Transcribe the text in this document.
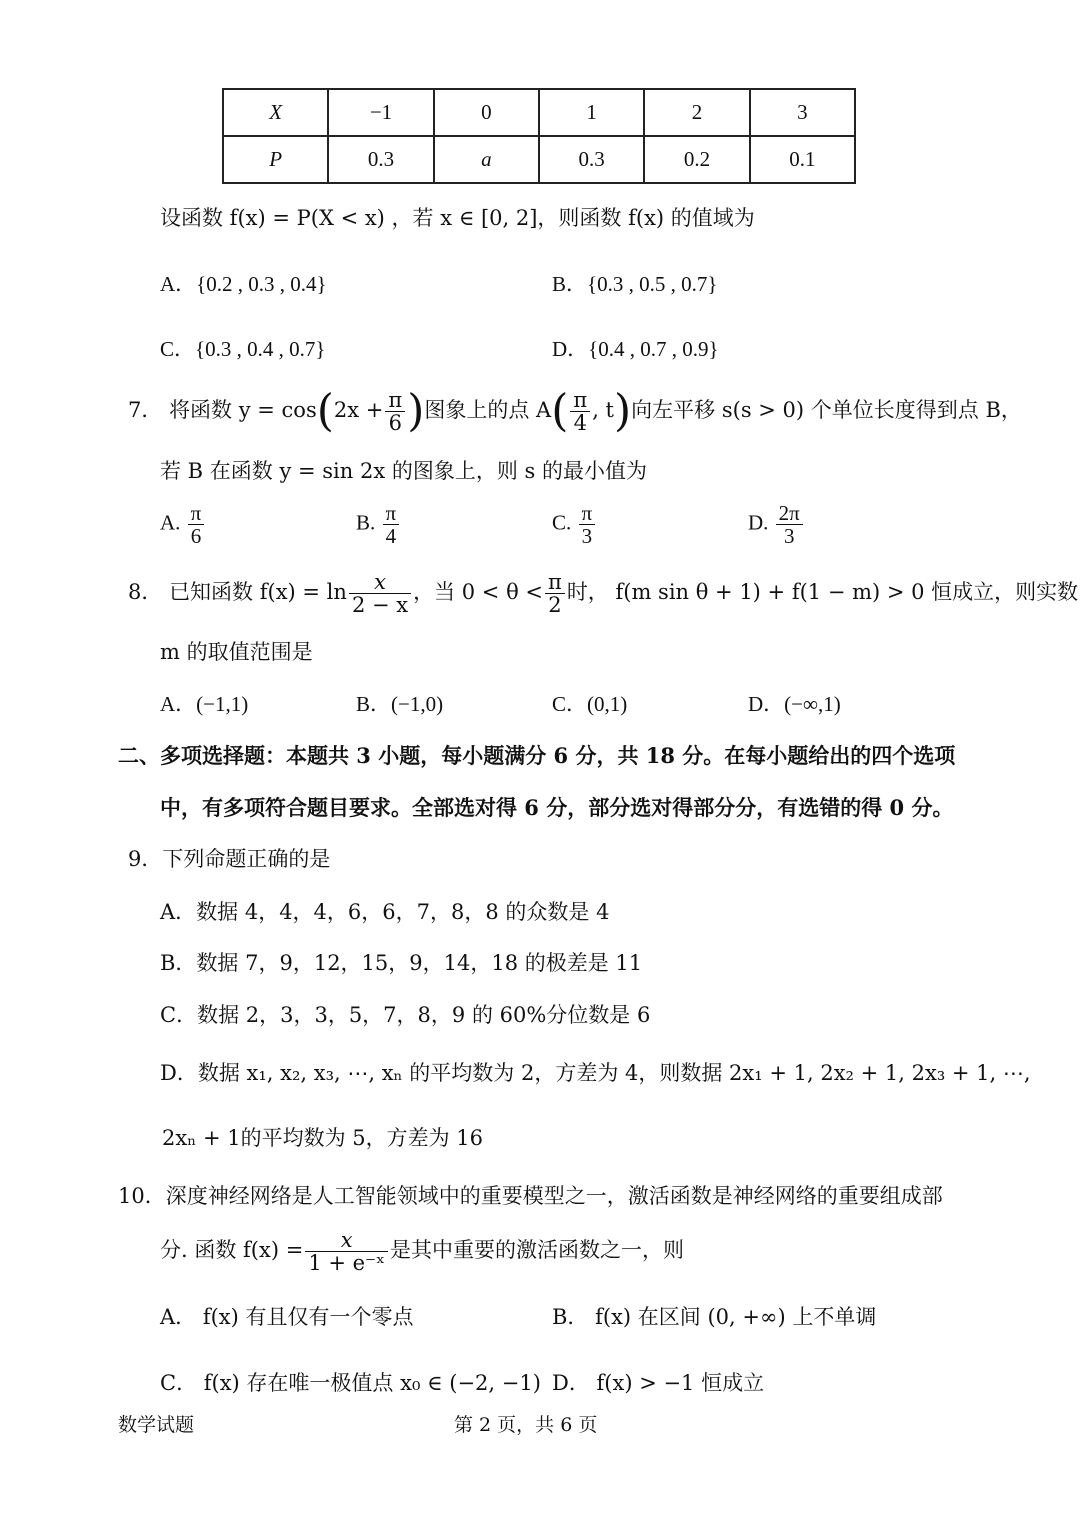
X	−1	0	1	2	3
P	0.3	a	0.3	0.2	0.1
设函数 f(x) = P(X < x) ，若 x ∈ [0, 2]，则函数 f(x) 的值域为
A．{0.2 , 0.3 , 0.4}	B．{0.3 , 0.5 , 0.7}
C．{0.3 , 0.4 , 0.7}	D．{0.4 , 0.7 , 0.9}
7． 将函数 $y = \cos(2x + \frac{\pi}{6}$ )图象上的点 $A( \frac{\pi}{4}$ , t)向左平移 s(s > 0) 个单位长度得到点 B，
若 B 在函数 y = sin 2x 的图象上，则 s 的最小值为
A. $\frac{\pi}{6}$	B. $\frac{\pi}{4}$	C. $\frac{\pi}{3}$	D. $\frac{2\pi}{3}$
8． 已知函数 $f(x) = \ln \frac{x}{2 - x}$ ，当 $0 < \theta < \frac{\pi}{2}$ 时， f(m sin θ + 1) + f(1 − m) > 0 恒成立，则实数
m 的取值范围是
A．(−1,1)	B．(−1,0)	C．(0,1)	D．(−∞,1)
二、多项选择题：本题共 3 小题，每小题满分 6 分，共 18 分。在每小题给出的四个选项
中，有多项符合题目要求。全部选对得 6 分，部分选对得部分分，有选错的得 0 分。
9．下列命题正确的是
A．数据 4，4，4，6，6，7，8，8 的众数是 4
B．数据 7，9，12，15，9，14，18 的极差是 11
C．数据 2，3，3，5，7，8，9 的 60%分位数是 6
D．数据 x₁, x₂, x₃, ⋯, xₙ 的平均数为 2，方差为 4，则数据 2x₁ + 1, 2x₂ + 1, 2x₃ + 1, ⋯,
2xₙ + 1的平均数为 5，方差为 16
10．深度神经网络是人工智能领域中的重要模型之一，激活函数是神经网络的重要组成部
分. 函数 $f(x) = \frac{x}{\text{1 + e⁻ˣ}}$ 是其中重要的激活函数之一，则
A． f(x) 有且仅有一个零点	B． f(x) 在区间 (0, +∞) 上不单调
C． f(x) 存在唯一极值点 x₀ ∈ (−2, −1) D． f(x) > −1 恒成立
数学试题	第 2 页，共 6 页
